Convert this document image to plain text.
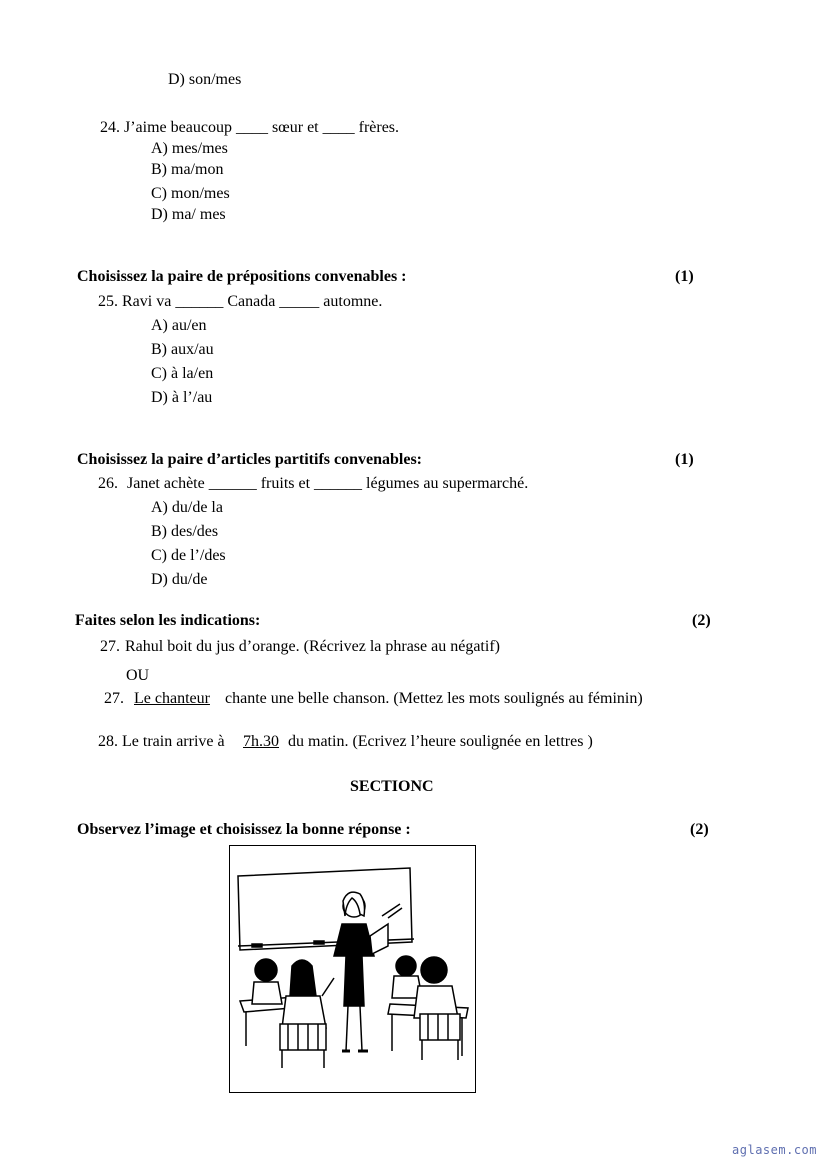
D) son/mes
24. J’aime beaucoup ____ sœur et ____ frères.
A) mes/mes
B) ma/mon
C) mon/mes
D) ma/ mes
Choisissez la paire de prépositions convenables :	(1)
25. Ravi va ______ Canada _____ automne.
A) au/en
B) aux/au
C) à la/en
D) à l’/au
Choisissez la paire d’articles partitifs convenables:	(1)
26. Janet achète ______ fruits et ______ légumes au supermarché.
A) du/de la
B) des/des
C) de l’/des
D) du/de
Faites selon les indications:	(2)
27. Rahul boit du jus d’orange. (Récrivez la phrase au négatif)
OU
27. Le chanteur chante une belle chanson. (Mettez les mots soulignés au féminin)
28. Le train arrive à 7h.30 du matin. (Ecrivez l’heure soulignée en lettres )
SECTIONC
Observez l’image et choisissez la bonne réponse :	(2)
aglasem.com
